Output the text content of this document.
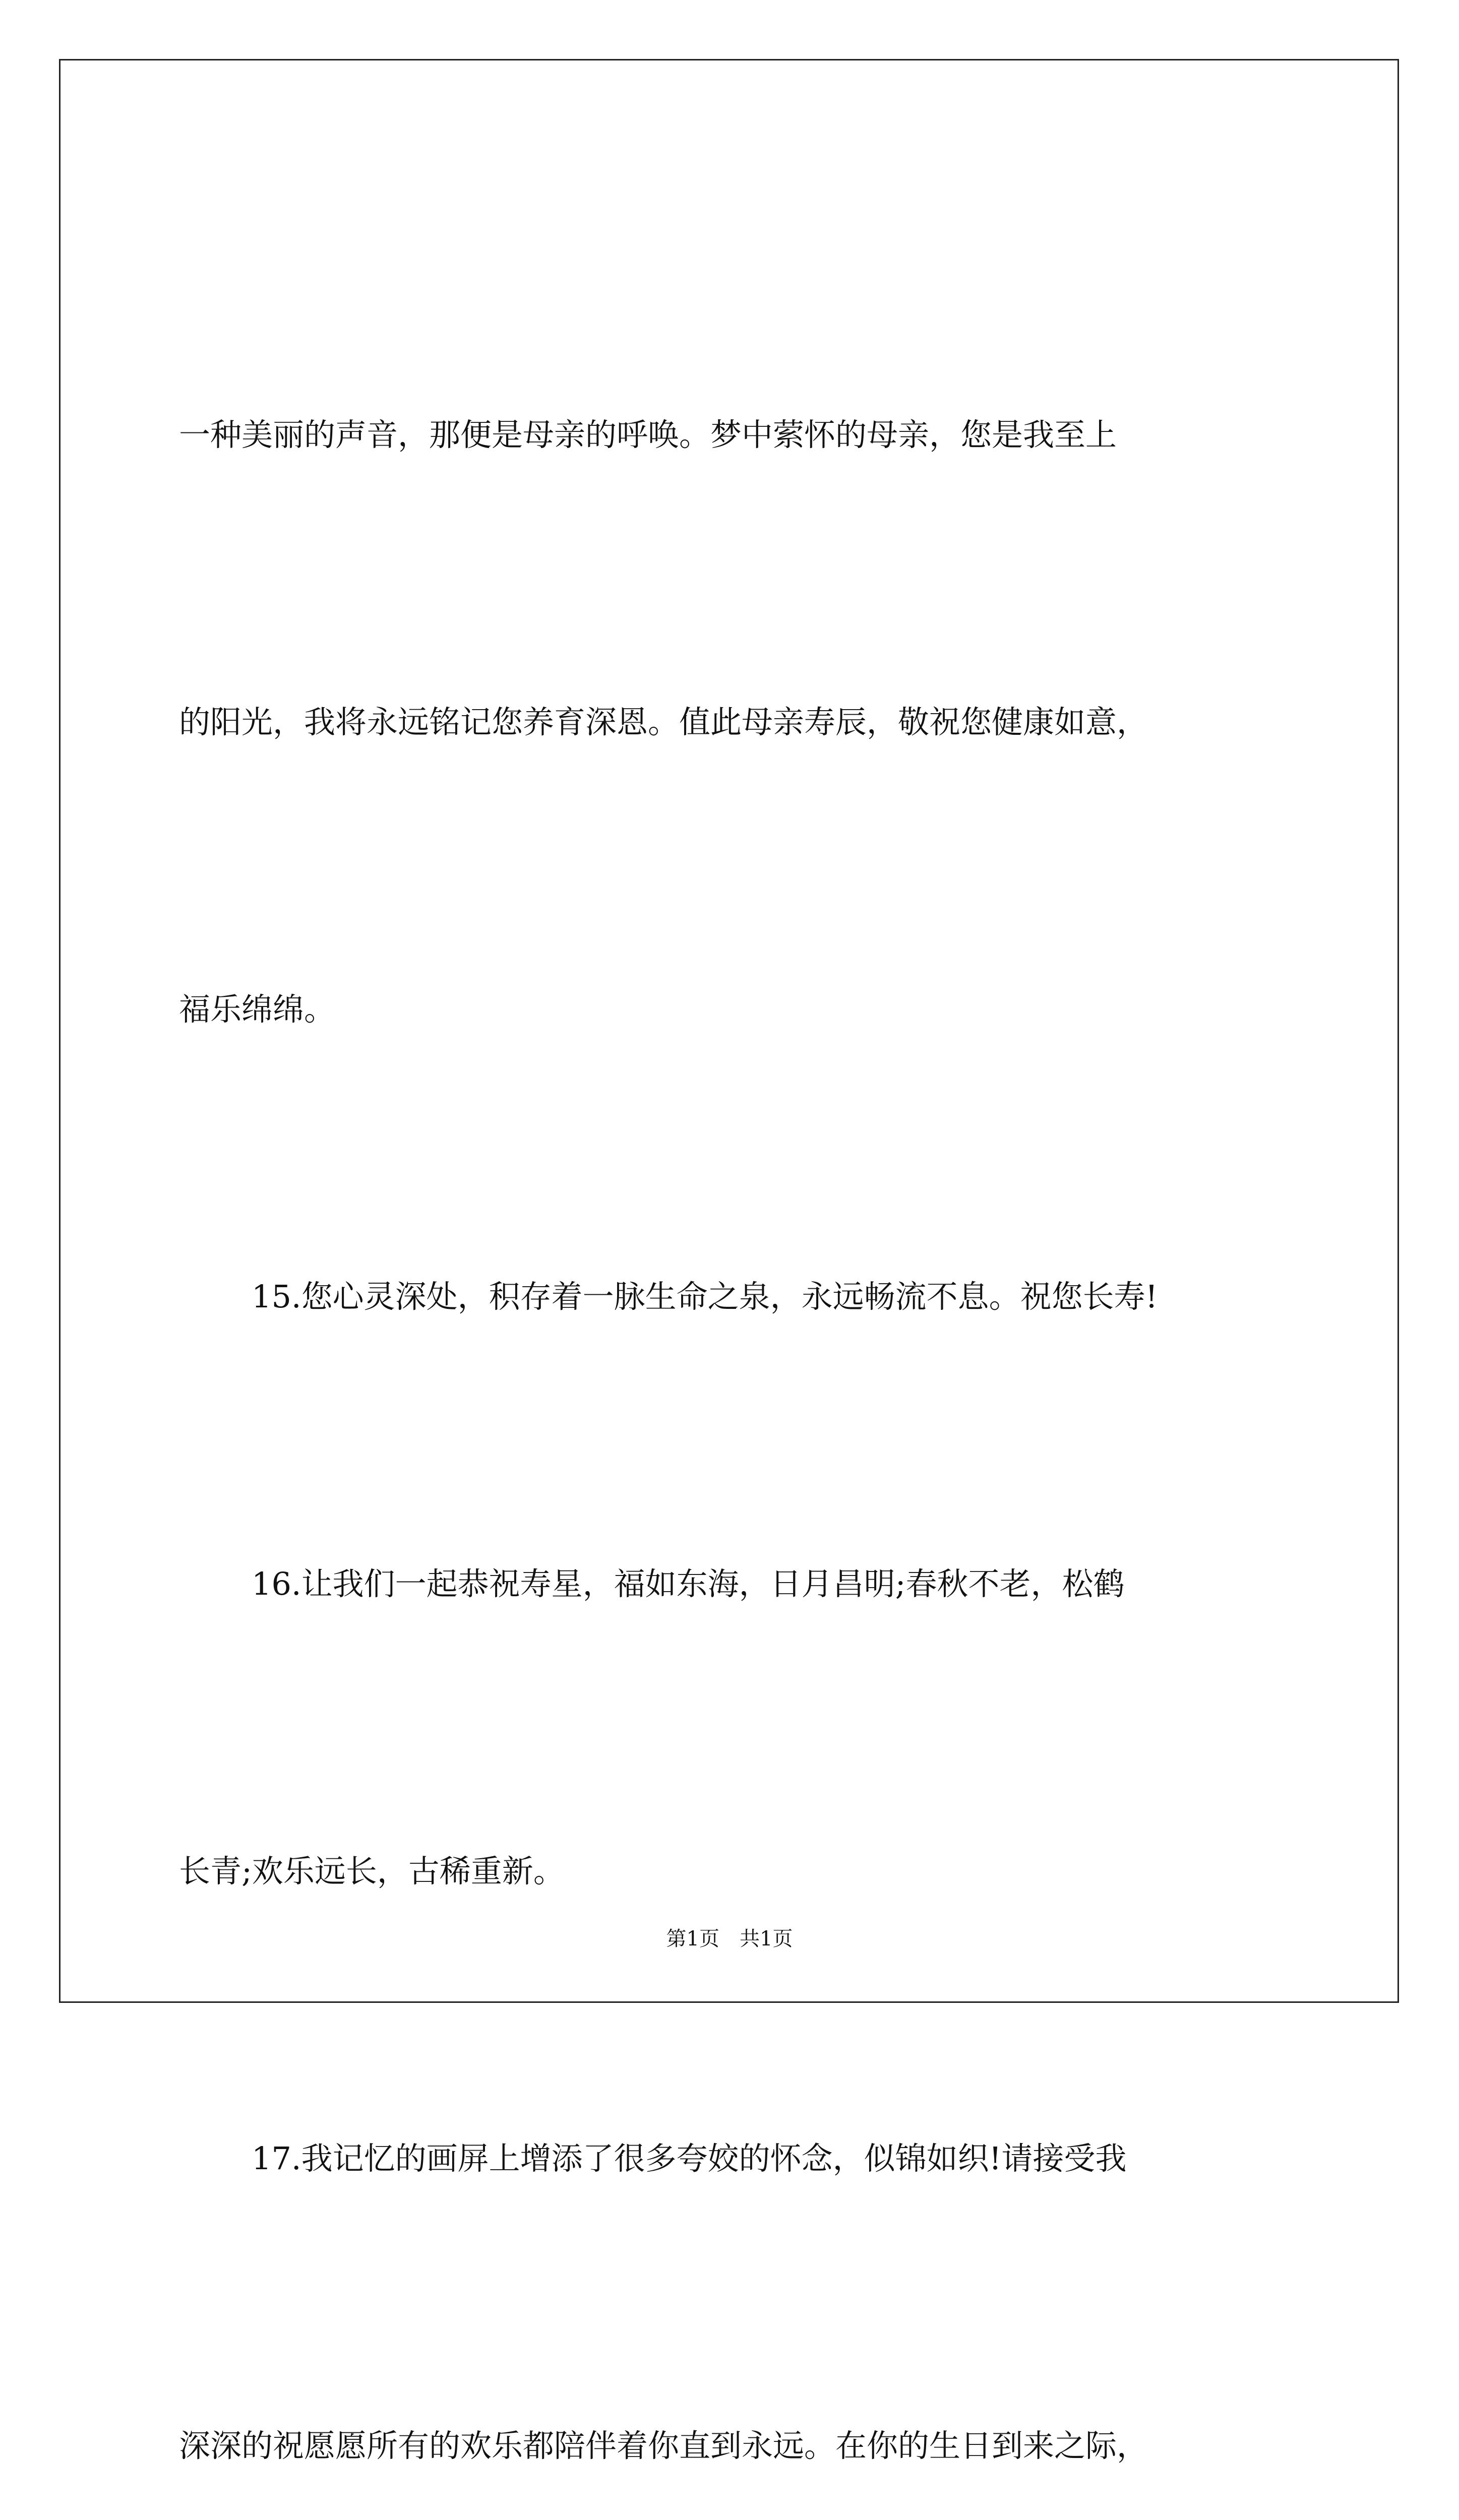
一种美丽的声音，那便是母亲的呼唤。梦中萦怀的母亲，您是我至上

的阳光，我将永远铭记您养育深恩。值此母亲寿辰，敬祝您健康如意，

福乐绵绵。

15.您心灵深处，积存着一脉生命之泉，永远畅流不息。祝您长寿!

16.让我们一起恭祝寿星，福如东海，日月昌明;春秋不老，松鹤

长青;欢乐远长，古稀重新。

17.我记忆的画屏上增添了很多夸姣的怀念，似锦如织!请接受我

深深的祝愿愿所有的欢乐都陪伴着你直到永远。在你的生日到来之际，

第1页 共1页
